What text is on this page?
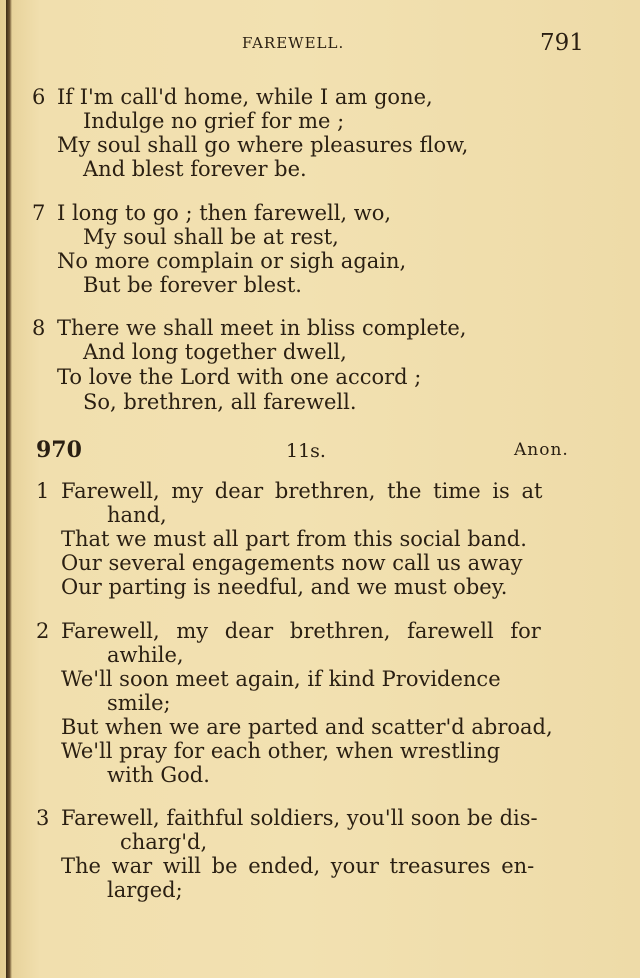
FAREWELL.	791
6 If I'm call'd home, while I am gone,
Indulge no grief for me ;
My soul shall go where pleasures flow,
And blest forever be.
7 I long to go ; then farewell, wo,
My soul shall be at rest,
No more complain or sigh again,
But be forever blest.
8 There we shall meet in bliss complete,
And long together dwell,
To love the Lord with one accord ;
So, brethren, all farewell.
970	11s.	Anon.
1 Farewell, my dear brethren, the time is at
hand,
That we must all part from this social band.
Our several engagements now call us away
Our parting is needful, and we must obey.
2 Farewell, my dear brethren, farewell for
awhile,
We'll soon meet again, if kind Providence
smile;
But when we are parted and scatter'd abroad,
We'll pray for each other, when wrestling
with God.
3 Farewell, faithful soldiers, you'll soon be dis-
charg'd,
The war will be ended, your treasures en-
larged;
